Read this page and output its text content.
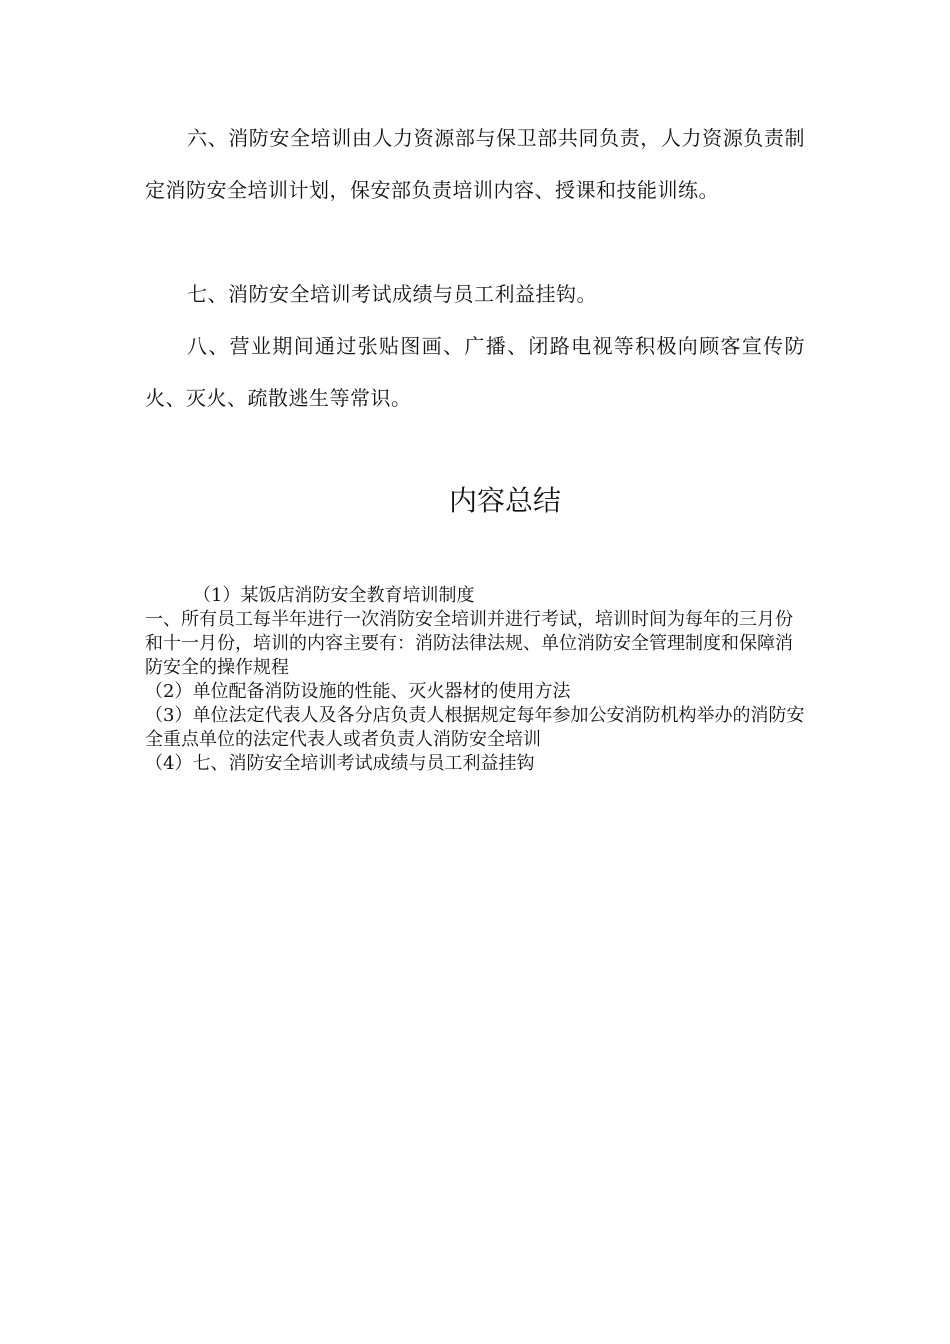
六、消防安全培训由人力资源部与保卫部共同负责，人力资源负责制定消防安全培训计划，保安部负责培训内容、授课和技能训练。

七、消防安全培训考试成绩与员工利益挂钩。

八、营业期间通过张贴图画、广播、闭路电视等积极向顾客宣传防火、灭火、疏散逃生等常识。

内容总结

（1）某饭店消防安全教育培训制度

一、所有员工每半年进行一次消防安全培训并进行考试，培训时间为每年的三月份和十一月份，培训的内容主要有：消防法律法规、单位消防安全管理制度和保障消防安全的操作规程

（2）单位配备消防设施的性能、灭火器材的使用方法

（3）单位法定代表人及各分店负责人根据规定每年参加公安消防机构举办的消防安全重点单位的法定代表人或者负责人消防安全培训

（4）七、消防安全培训考试成绩与员工利益挂钩
